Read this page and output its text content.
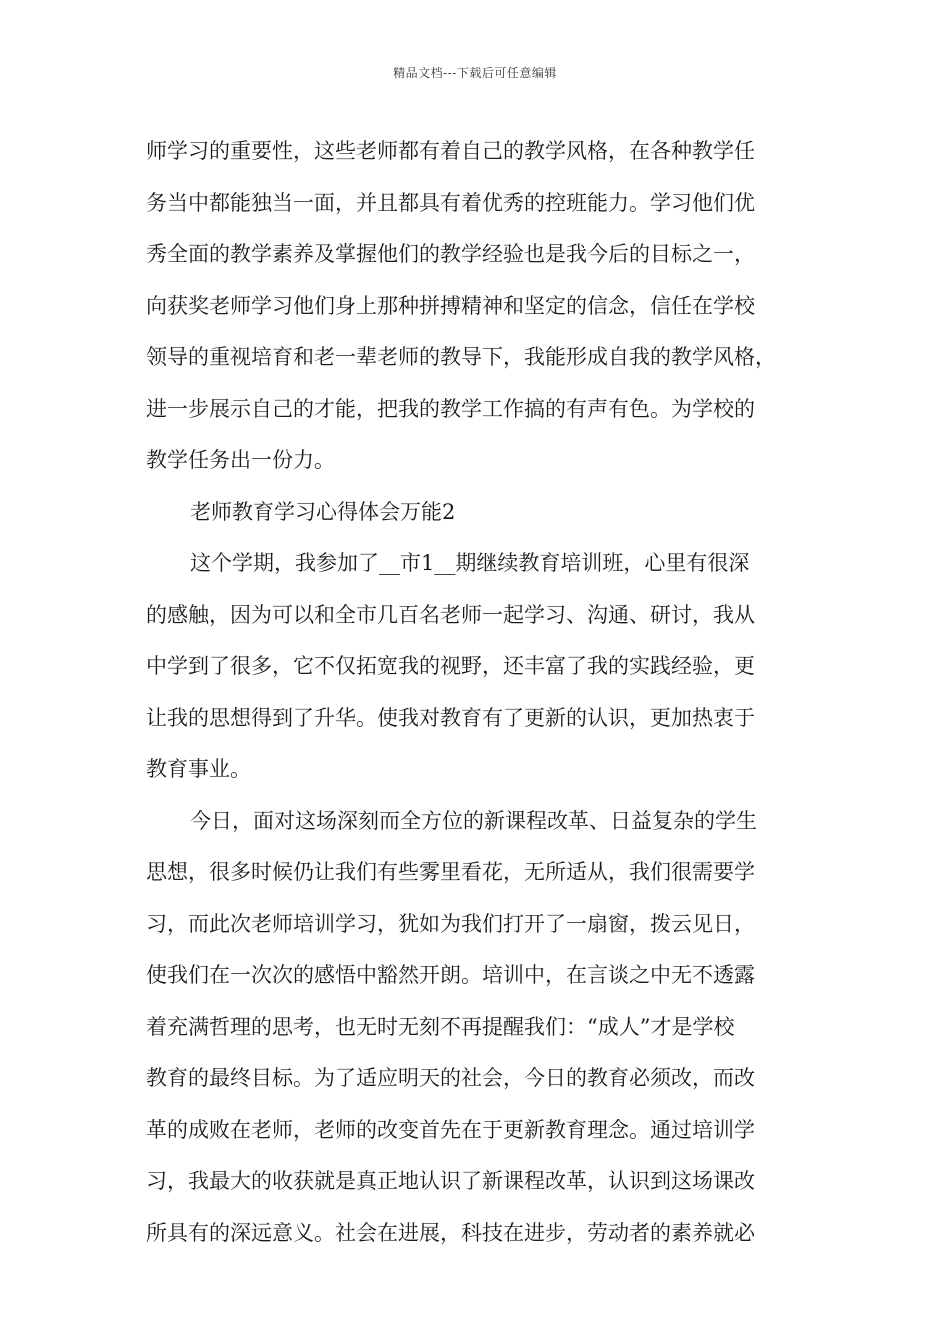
精品文档---下载后可任意编辑
师学习的重要性，这些老师都有着自己的教学风格，在各种教学任
务当中都能独当一面，并且都具有着优秀的控班能力。学习他们优
秀全面的教学素养及掌握他们的教学经验也是我今后的目标之一，
向获奖老师学习他们身上那种拼搏精神和坚定的信念，信任在学校
领导的重视培育和老一辈老师的教导下，我能形成自我的教学风格，
进一步展示自己的才能，把我的教学工作搞的有声有色。为学校的
教学任务出一份力。
老师教育学习心得体会万能2
这个学期，我参加了__市1__期继续教育培训班，心里有很深
的感触，因为可以和全市几百名老师一起学习、沟通、研讨，我从
中学到了很多，它不仅拓宽我的视野，还丰富了我的实践经验，更
让我的思想得到了升华。使我对教育有了更新的认识，更加热衷于
教育事业。
今日，面对这场深刻而全方位的新课程改革、日益复杂的学生
思想，很多时候仍让我们有些雾里看花，无所适从，我们很需要学
习，而此次老师培训学习，犹如为我们打开了一扇窗，拨云见日，
使我们在一次次的感悟中豁然开朗。培训中，在言谈之中无不透露
着充满哲理的思考，也无时无刻不再提醒我们：“成人”才是学校
教育的最终目标。为了适应明天的社会，今日的教育必须改，而改
革的成败在老师，老师的改变首先在于更新教育理念。通过培训学
习，我最大的收获就是真正地认识了新课程改革，认识到这场课改
所具有的深远意义。社会在进展，科技在进步，劳动者的素养就必
